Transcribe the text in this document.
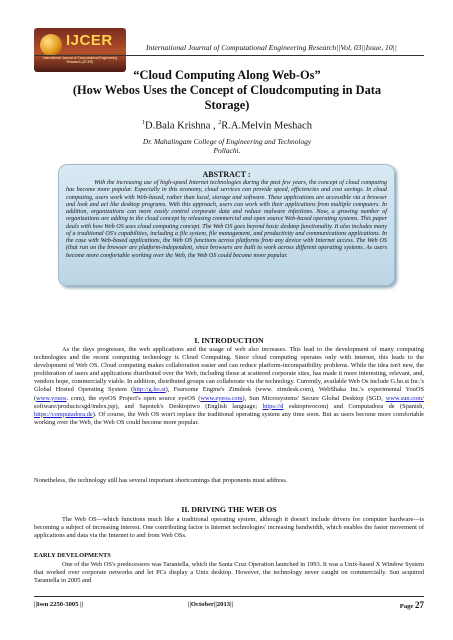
IJCER
International Journal of Computational Engineering Research (IJCER)
International Journal of Computational Engineering Research||Vol, 03||Issue, 10||
“Cloud Computing Along Web-Os”
(How Webos Uses the Concept of Cloudcomputing in Data
Storage)
$^1$D.Bala Krishna , $^2$R.A.Melvin Meshach
Dr. Mahalingam College of Engineering and Technology
Pollachi.
ABSTRACT :
With the increasing use of high-speed Internet technologies during the past few years, the concept of cloud computing has become more popular. Especially in this economy, cloud services can provide speed, efficiencies and cost savings. In cloud computing, users work with Web-based, rather than local, storage and software. These applications are accessible via a browser and look and act like desktop programs. With this approach, users can work with their applications from multiple computers. In addition, organizations can more easily control corporate data and reduce malware infections. Now, a growing number of organizations are adding to the cloud concept by releasing commercial and open source Web-based operating systems. This paper deals with how Web OS uses cloud computing concept. The Web OS goes beyond basic desktop functionality. It also includes many of a traditional OS's capabilities, including a file system, file management, and productivity and communications applications. In the case with Web-based applications, the Web OS functions across platforms from any device with Internet access. The Web OS (that run on the browser are platform-independent, since browsers are built to work across different operating systems. As users become more comfortable working over the Web, the Web OS could become more popular.
I. INTRODUCTION
As the days progresses, the web applications and the usage of web also increases. This lead to the development of many computing technologies and the recent computing technology is Cloud Computing. Since cloud computing operates only with internet, this leads to the development of Web OS. Cloud computing makes collaboration easier and can reduce platform-incompatibility problems. While the idea isn't new, the proliferation of users and applications distributed over the Web, including those at scattered corporate sites, has made it more interesting, relevant, and, vendors hope, commercially viable. In addition, distributed groups can collaborate via the technology. Currently, available Web Os include G.ho.st Inc.'s Global Hosted Operating System (http://g.ho.st), Fearsome Engine's Zimdesk (www. zimdesk.com), WebShaka Inc.'s experimental YouOS (www.youos. com), the eyeOS Project's open source eyeOS (www.eyeos.com), Sun Microsystems' Secure Global Desktop (SGD, www.sun.com/ software/products/sgd/index.jsp), and Sapotek's Desktoptwo (English language; https://d esktoptwocom) and Computadora de (Spanish, https://computadora.de). Of course, the Web OS won't replace the traditional operating system any time soon. But as users become more comfortable working over the Web, the Web OS could become more popular.
Nonetheless, the technology still has several important shortcomings that proponents must address.
II. DRIVING THE WEB OS
The Web OS—which functions much like a traditional operating system, although it doesn't include drivers for computer hardware—is becoming a subject of increasing interest. One contributing factor is Internet technologies' increasing bandwidth, which enables the faster movement of applications and data via the Internet to and from Web OSs.
EARLY DEVELOPMENTS
One of the Web OS's predecessors was Tarantella, which the Santa Cruz Operation launched in 1993. It was a Unix-based X Window System that worked over corporate networks and let PCs display a Unix desktop. However, the technology never caught on commercially. Sun acquired Tarantella in 2005 and
||Issn 2250-3005 ||	||October||2013||	Page 27
